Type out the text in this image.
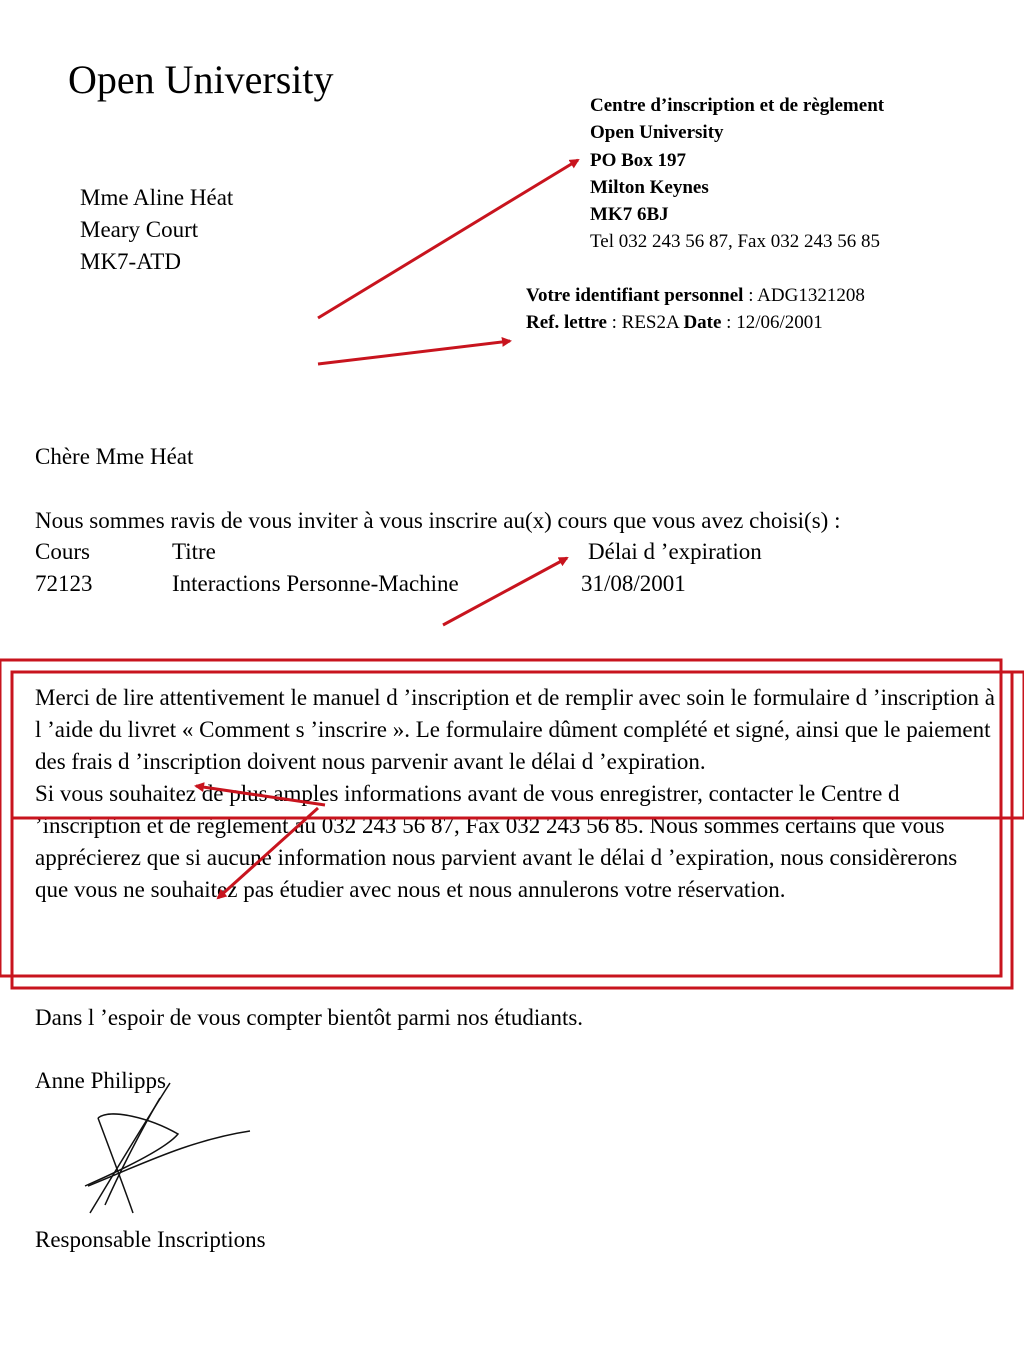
Open University
Mme Aline Héat
Meary Court
MK7-ATD
Centre d’inscription et de règlement
Open University
PO Box 197
Milton Keynes
MK7 6BJ
Tel 032 243 56 87, Fax 032 243 56 85
Votre identifiant personnel : ADG1321208
Ref. lettre : RES2A Date : 12/06/2001
Chère Mme Héat
Nous sommes ravis de vous inviter à vous inscrire au(x) cours que vous avez choisi(s) :
Cours	Titre	Délai d ’expiration
72123	Interactions Personne-Machine	31/08/2001
Merci de lire attentivement le manuel d ’inscription et de remplir avec soin le formulaire d ’inscription à l ’aide du livret « Comment s ’inscrire ». Le formulaire dûment complété et signé, ainsi que le paiement des frais d ’inscription doivent nous parvenir avant le délai d ’expiration.
Si vous souhaitez de plus amples informations avant de vous enregistrer, contacter le Centre d ’inscription et de règlement au 032 243 56 87, Fax 032 243 56 85. Nous sommes certains que vous apprécierez que si aucune information nous parvient avant le délai d ’expiration, nous considèrerons que vous ne souhaitez pas étudier avec nous et nous annulerons votre réservation.
Dans l ’espoir de vous compter bientôt parmi nos étudiants.
Anne Philipps
Responsable Inscriptions
